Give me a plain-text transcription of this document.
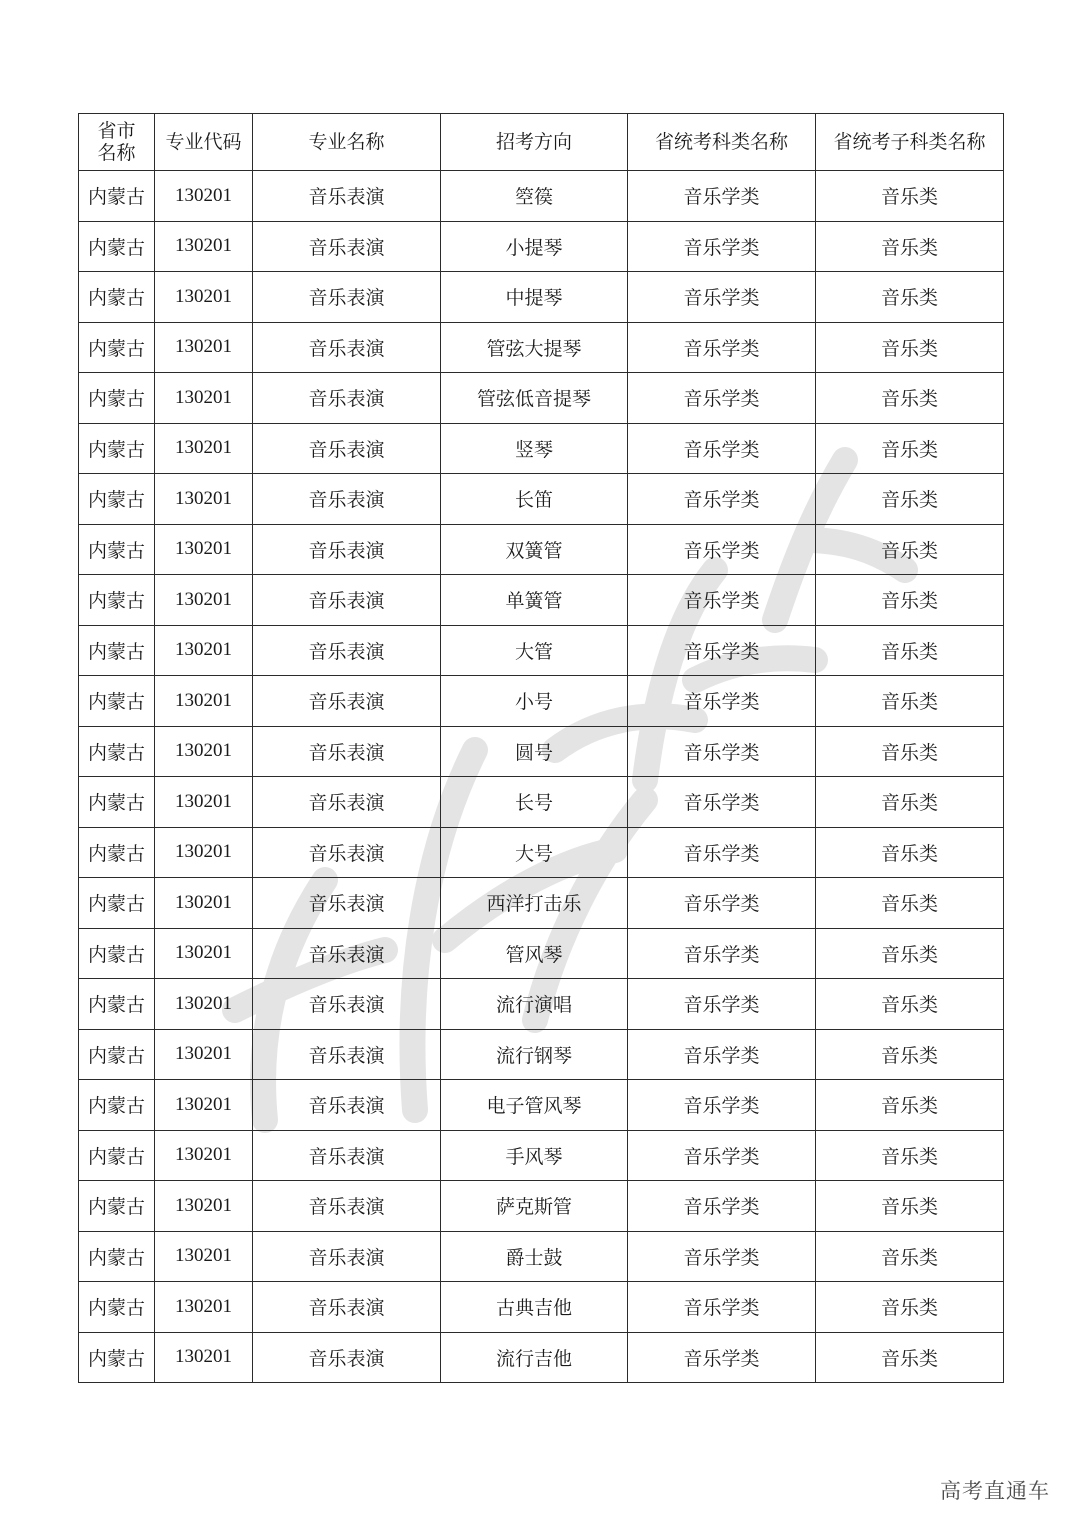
省市
名称	专业代码	专业名称	招考方向	省统考科类名称	省统考子科类名称
内蒙古	130201	音乐表演	箜篌	音乐学类	音乐类
内蒙古	130201	音乐表演	小提琴	音乐学类	音乐类
内蒙古	130201	音乐表演	中提琴	音乐学类	音乐类
内蒙古	130201	音乐表演	管弦大提琴	音乐学类	音乐类
内蒙古	130201	音乐表演	管弦低音提琴	音乐学类	音乐类
内蒙古	130201	音乐表演	竖琴	音乐学类	音乐类
内蒙古	130201	音乐表演	长笛	音乐学类	音乐类
内蒙古	130201	音乐表演	双簧管	音乐学类	音乐类
内蒙古	130201	音乐表演	单簧管	音乐学类	音乐类
内蒙古	130201	音乐表演	大管	音乐学类	音乐类
内蒙古	130201	音乐表演	小号	音乐学类	音乐类
内蒙古	130201	音乐表演	圆号	音乐学类	音乐类
内蒙古	130201	音乐表演	长号	音乐学类	音乐类
内蒙古	130201	音乐表演	大号	音乐学类	音乐类
内蒙古	130201	音乐表演	西洋打击乐	音乐学类	音乐类
内蒙古	130201	音乐表演	管风琴	音乐学类	音乐类
内蒙古	130201	音乐表演	流行演唱	音乐学类	音乐类
内蒙古	130201	音乐表演	流行钢琴	音乐学类	音乐类
内蒙古	130201	音乐表演	电子管风琴	音乐学类	音乐类
内蒙古	130201	音乐表演	手风琴	音乐学类	音乐类
内蒙古	130201	音乐表演	萨克斯管	音乐学类	音乐类
内蒙古	130201	音乐表演	爵士鼓	音乐学类	音乐类
内蒙古	130201	音乐表演	古典吉他	音乐学类	音乐类
内蒙古	130201	音乐表演	流行吉他	音乐学类	音乐类
高考直通车
